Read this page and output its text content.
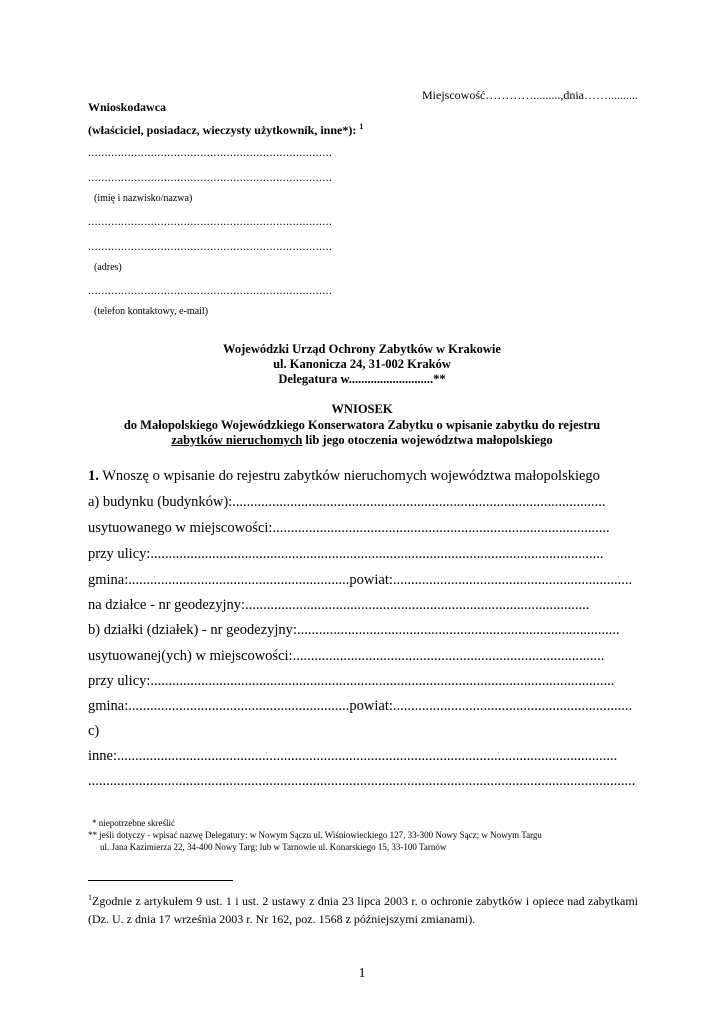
Miejscowość………….........,dnia……..........
Wnioskodawca
(właściciel, posiadacz, wieczysty użytkownik, inne*): $^1$
..........................................................................
..........................................................................
(imię i nazwisko/nazwa)
..........................................................................
..........................................................................
(adres)
..........................................................................
(telefon kontaktowy, e-mail)
Wojewódzki Urząd Ochrony Zabytków w Krakowie
ul. Kanonicza 24, 31-002 Kraków
Delegatura w...........................**
WNIOSEK
do Małopolskiego Wojewódzkiego Konserwatora Zabytku o wpisanie zabytku do rejestru
zabytków nieruchomych lib jego otoczenia województwa małopolskiego
1. Wnoszę o wpisanie do rejestru zabytków nieruchomych województwa małopolskiego
a) budynku (budynków):.......................................................................................................
usytuowanego w miejscowości:.............................................................................................
przy ulicy:.............................................................................................................................
gmina:.............................................................powiat:..................................................................
na działce - nr geodezyjny:...............................................................................................
b) działki (działek) - nr geodezyjny:.........................................................................................
usytuowanej(ych) w miejscowości:......................................................................................
przy ulicy:................................................................................................................................
gmina:.............................................................powiat:..................................................................
c)
inne:..........................................................................................................................................
.......................................................................................................................................................
* niepotrzebne skreślić
** jeśli dotyczy - wpisać nazwę Delegatury: w Nowym Sączu ul. Wiśniowieckiego 127, 33-300 Nowy Sącz; w Nowym Targu
ul. Jana Kazimierza 22, 34-400 Nowy Targ; lub w Tarnowie ul. Konarskiego 15, 33-100 Tarnów
$^1$Zgodnie z artykułem 9 ust. 1 i ust. 2 ustawy z dnia 23 lipca 2003 r. o ochronie zabytków i opiece nad zabytkami (Dz. U. z dnia 17 września 2003 r. Nr 162, poz. 1568 z późniejszymi zmianami).
1
